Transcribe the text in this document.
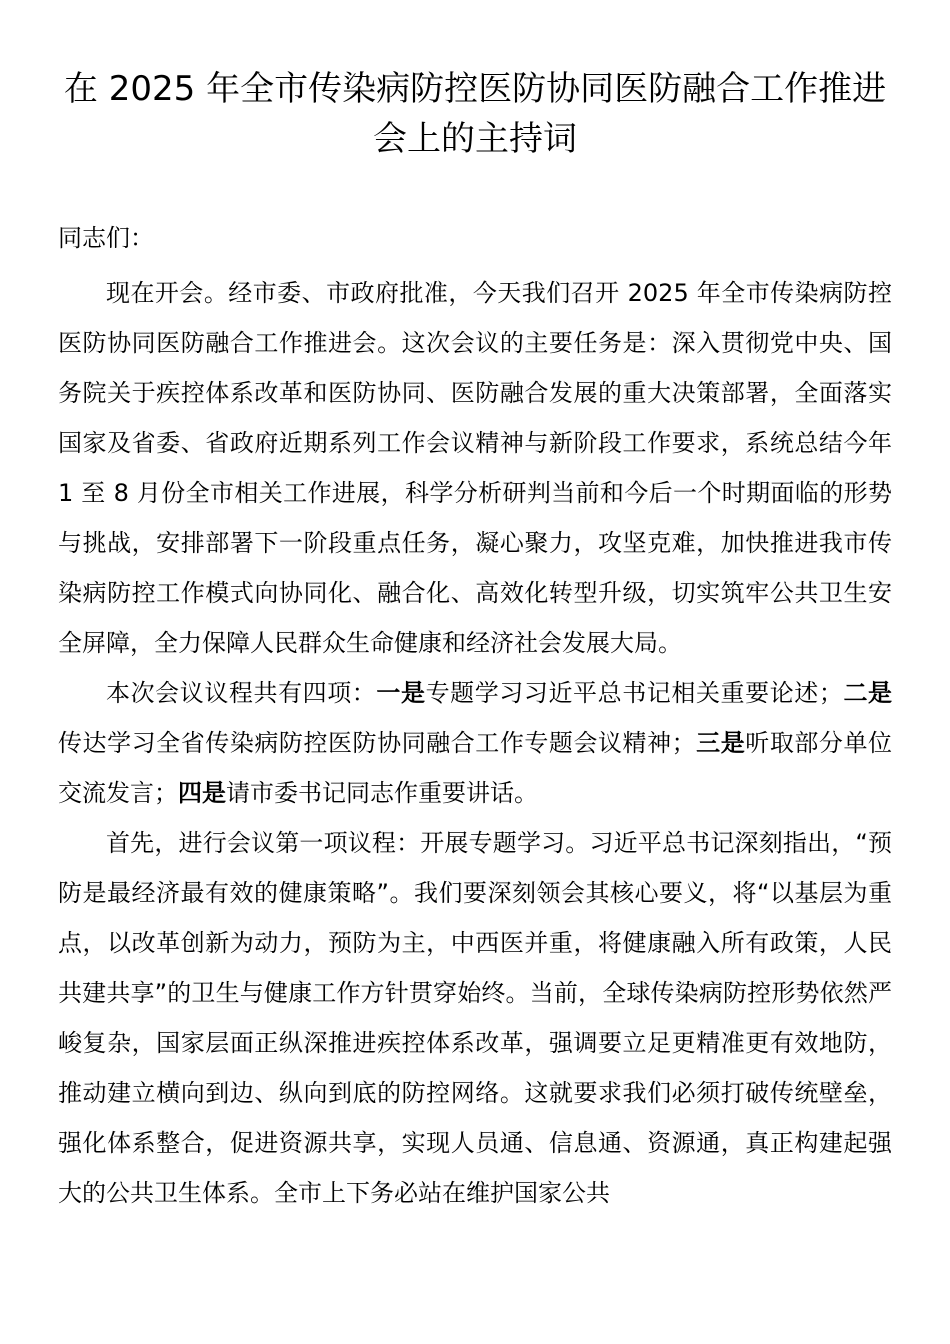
在 2025 年全市传染病防控医防协同医防融合工作推进会上的主持词

同志们：

现在开会。经市委、市政府批准，今天我们召开 2025 年全市传染病防控医防协同医防融合工作推进会。这次会议的主要任务是：深入贯彻党中央、国务院关于疾控体系改革和医防协同、医防融合发展的重大决策部署，全面落实国家及省委、省政府近期系列工作会议精神与新阶段工作要求，系统总结今年 1 至 8 月份全市相关工作进展，科学分析研判当前和今后一个时期面临的形势与挑战，安排部署下一阶段重点任务，凝心聚力，攻坚克难，加快推进我市传染病防控工作模式向协同化、融合化、高效化转型升级，切实筑牢公共卫生安全屏障，全力保障人民群众生命健康和经济社会发展大局。

本次会议议程共有四项：一是专题学习习近平总书记相关重要论述；二是传达学习全省传染病防控医防协同融合工作专题会议精神；三是听取部分单位交流发言；四是请市委书记同志作重要讲话。

首先，进行会议第一项议程：开展专题学习。习近平总书记深刻指出，“预防是最经济最有效的健康策略”。我们要深刻领会其核心要义，将“以基层为重点，以改革创新为动力，预防为主，中西医并重，将健康融入所有政策，人民共建共享”的卫生与健康工作方针贯穿始终。当前，全球传染病防控形势依然严峻复杂，国家层面正纵深推进疾控体系改革，强调要立足更精准更有效地防，推动建立横向到边、纵向到底的防控网络。这就要求我们必须打破传统壁垒，强化体系整合，促进资源共享，实现人员通、信息通、资源通，真正构建起强大的公共卫生体系。全市上下务必站在维护国家公共
